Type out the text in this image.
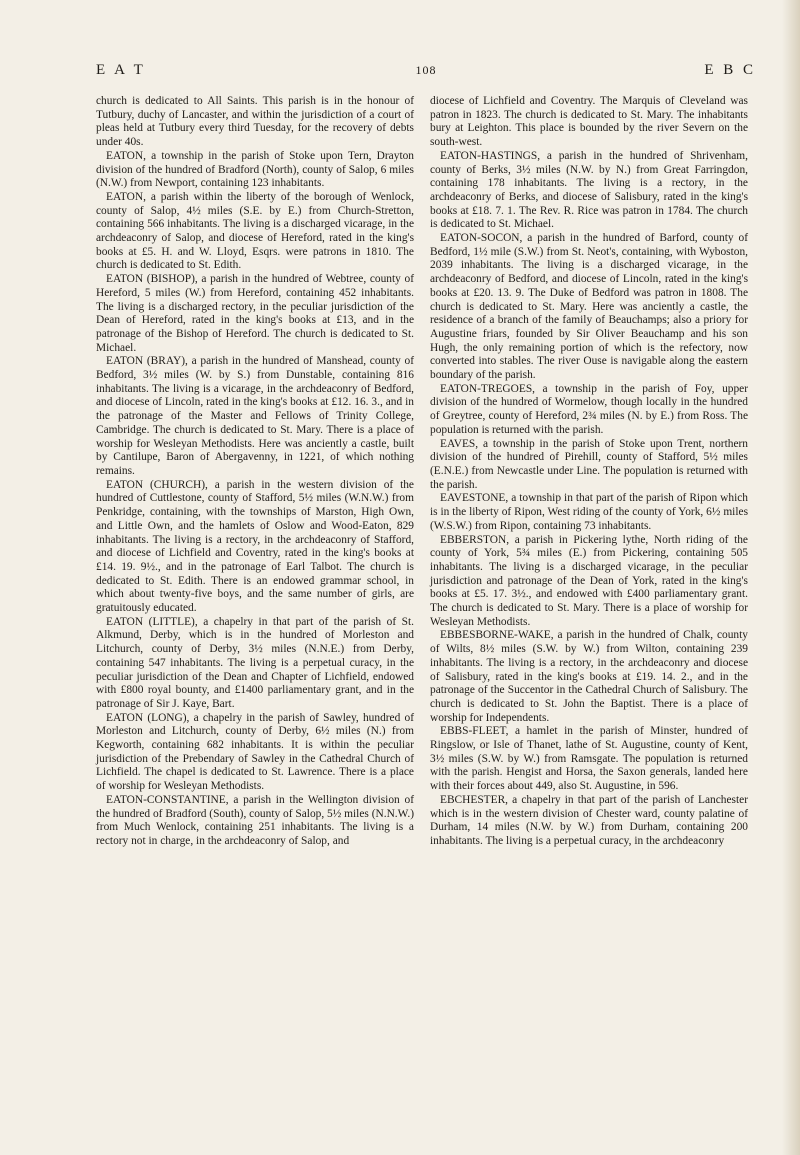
E A T	108	E B C

church is dedicated to All Saints. This parish is in the honour of Tutbury, duchy of Lancaster, and within the jurisdiction of a court of pleas held at Tutbury every third Tuesday, for the recovery of debts under 40s.

EATON, a township in the parish of Stoke upon Tern, Drayton division of the hundred of Bradford (North), county of Salop, 6 miles (N.W.) from Newport, containing 123 inhabitants.

EATON, a parish within the liberty of the borough of Wenlock, county of Salop, 4½ miles (S.E. by E.) from Church-Stretton, containing 566 inhabitants. The living is a discharged vicarage, in the archdeaconry of Salop, and diocese of Hereford, rated in the king's books at £5. H. and W. Lloyd, Esqrs. were patrons in 1810. The church is dedicated to St. Edith.

EATON (BISHOP), a parish in the hundred of Webtree, county of Hereford, 5 miles (W.) from Hereford, containing 452 inhabitants. The living is a discharged rectory, in the peculiar jurisdiction of the Dean of Hereford, rated in the king's books at £13, and in the patronage of the Bishop of Hereford. The church is dedicated to St. Michael.

EATON (BRAY), a parish in the hundred of Manshead, county of Bedford, 3½ miles (W. by S.) from Dunstable, containing 816 inhabitants. The living is a vicarage, in the archdeaconry of Bedford, and diocese of Lincoln, rated in the king's books at £12. 16. 3., and in the patronage of the Master and Fellows of Trinity College, Cambridge. The church is dedicated to St. Mary. There is a place of worship for Wesleyan Methodists. Here was anciently a castle, built by Cantilupe, Baron of Abergavenny, in 1221, of which nothing remains.

EATON (CHURCH), a parish in the western division of the hundred of Cuttlestone, county of Stafford, 5½ miles (W.N.W.) from Penkridge, containing, with the townships of Marston, High Own, and Little Own, and the hamlets of Oslow and Wood-Eaton, 829 inhabitants. The living is a rectory, in the archdeaconry of Stafford, and diocese of Lichfield and Coventry, rated in the king's books at £14. 19. 9½., and in the patronage of Earl Talbot. The church is dedicated to St. Edith. There is an endowed grammar school, in which about twenty-five boys, and the same number of girls, are gratuitously educated.

EATON (LITTLE), a chapelry in that part of the parish of St. Alkmund, Derby, which is in the hundred of Morleston and Litchurch, county of Derby, 3½ miles (N.N.E.) from Derby, containing 547 inhabitants. The living is a perpetual curacy, in the peculiar jurisdiction of the Dean and Chapter of Lichfield, endowed with £800 royal bounty, and £1400 parliamentary grant, and in the patronage of Sir J. Kaye, Bart.

EATON (LONG), a chapelry in the parish of Sawley, hundred of Morleston and Litchurch, county of Derby, 6½ miles (N.) from Kegworth, containing 682 inhabitants. It is within the peculiar jurisdiction of the Prebendary of Sawley in the Cathedral Church of Lichfield. The chapel is dedicated to St. Lawrence. There is a place of worship for Wesleyan Methodists.

EATON-CONSTANTINE, a parish in the Wellington division of the hundred of Bradford (South), county of Salop, 5½ miles (N.N.W.) from Much Wenlock, containing 251 inhabitants. The living is a rectory not in charge, in the archdeaconry of Salop, and

diocese of Lichfield and Coventry. The Marquis of Cleveland was patron in 1823. The church is dedicated to St. Mary. The inhabitants bury at Leighton. This place is bounded by the river Severn on the south-west.

EATON-HASTINGS, a parish in the hundred of Shrivenham, county of Berks, 3½ miles (N.W. by N.) from Great Farringdon, containing 178 inhabitants. The living is a rectory, in the archdeaconry of Berks, and diocese of Salisbury, rated in the king's books at £18. 7. 1. The Rev. R. Rice was patron in 1784. The church is dedicated to St. Michael.

EATON-SOCON, a parish in the hundred of Barford, county of Bedford, 1½ mile (S.W.) from St. Neot's, containing, with Wyboston, 2039 inhabitants. The living is a discharged vicarage, in the archdeaconry of Bedford, and diocese of Lincoln, rated in the king's books at £20. 13. 9. The Duke of Bedford was patron in 1808. The church is dedicated to St. Mary. Here was anciently a castle, the residence of a branch of the family of Beauchamps; also a priory for Augustine friars, founded by Sir Oliver Beauchamp and his son Hugh, the only remaining portion of which is the refectory, now converted into stables. The river Ouse is navigable along the eastern boundary of the parish.

EATON-TREGOES, a township in the parish of Foy, upper division of the hundred of Wormelow, though locally in the hundred of Greytree, county of Hereford, 2¾ miles (N. by E.) from Ross. The population is returned with the parish.

EAVES, a township in the parish of Stoke upon Trent, northern division of the hundred of Pirehill, county of Stafford, 5½ miles (E.N.E.) from Newcastle under Line. The population is returned with the parish.

EAVESTONE, a township in that part of the parish of Ripon which is in the liberty of Ripon, West riding of the county of York, 6½ miles (W.S.W.) from Ripon, containing 73 inhabitants.

EBBERSTON, a parish in Pickering lythe, North riding of the county of York, 5¾ miles (E.) from Pickering, containing 505 inhabitants. The living is a discharged vicarage, in the peculiar jurisdiction and patronage of the Dean of York, rated in the king's books at £5. 17. 3½., and endowed with £400 parliamentary grant. The church is dedicated to St. Mary. There is a place of worship for Wesleyan Methodists.

EBBESBORNE-WAKE, a parish in the hundred of Chalk, county of Wilts, 8½ miles (S.W. by W.) from Wilton, containing 239 inhabitants. The living is a rectory, in the archdeaconry and diocese of Salisbury, rated in the king's books at £19. 14. 2., and in the patronage of the Succentor in the Cathedral Church of Salisbury. The church is dedicated to St. John the Baptist. There is a place of worship for Independents.

EBBS-FLEET, a hamlet in the parish of Minster, hundred of Ringslow, or Isle of Thanet, lathe of St. Augustine, county of Kent, 3½ miles (S.W. by W.) from Ramsgate. The population is returned with the parish. Hengist and Horsa, the Saxon generals, landed here with their forces about 449, also St. Augustine, in 596.

EBCHESTER, a chapelry in that part of the parish of Lanchester which is in the western division of Chester ward, county palatine of Durham, 14 miles (N.W. by W.) from Durham, containing 200 inhabitants. The living is a perpetual curacy, in the archdeaconry
